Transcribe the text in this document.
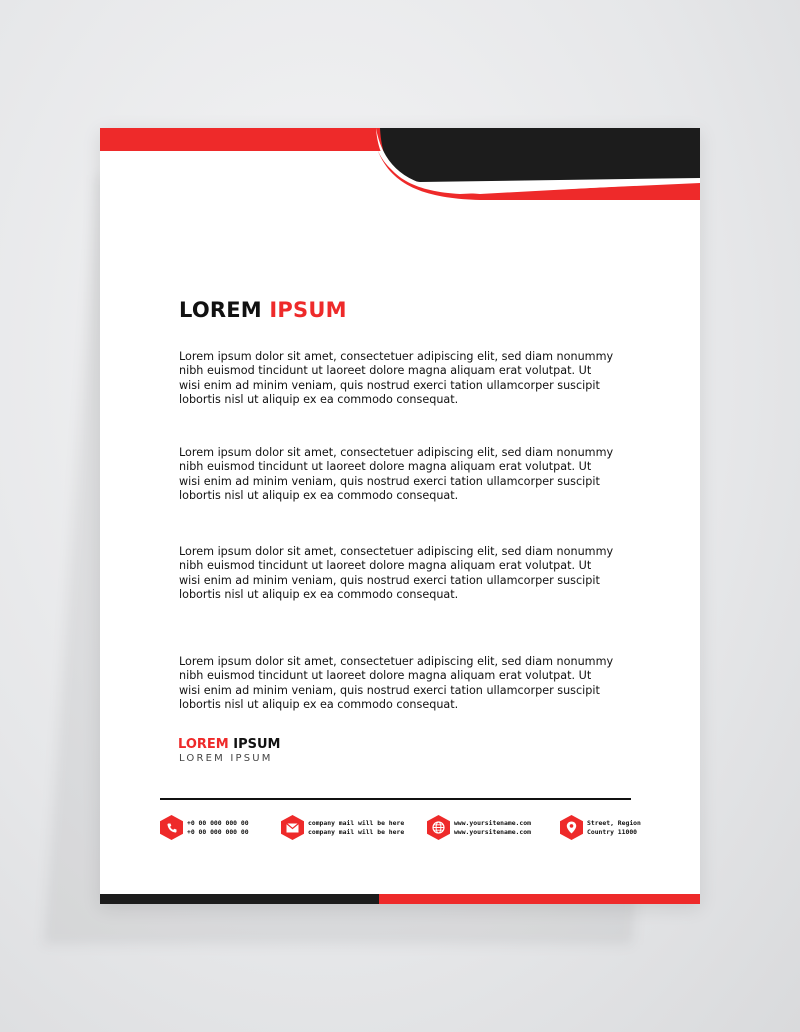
LOREM IPSUM

Lorem ipsum dolor sit amet, consectetuer adipiscing elit, sed diam nonummy
nibh euismod tincidunt ut laoreet dolore magna aliquam erat volutpat. Ut
wisi enim ad minim veniam, quis nostrud exerci tation ullamcorper suscipit
lobortis nisl ut aliquip ex ea commodo consequat.

Lorem ipsum dolor sit amet, consectetuer adipiscing elit, sed diam nonummy
nibh euismod tincidunt ut laoreet dolore magna aliquam erat volutpat. Ut
wisi enim ad minim veniam, quis nostrud exerci tation ullamcorper suscipit
lobortis nisl ut aliquip ex ea commodo consequat.

Lorem ipsum dolor sit amet, consectetuer adipiscing elit, sed diam nonummy
nibh euismod tincidunt ut laoreet dolore magna aliquam erat volutpat. Ut
wisi enim ad minim veniam, quis nostrud exerci tation ullamcorper suscipit
lobortis nisl ut aliquip ex ea commodo consequat.

Lorem ipsum dolor sit amet, consectetuer adipiscing elit, sed diam nonummy
nibh euismod tincidunt ut laoreet dolore magna aliquam erat volutpat. Ut
wisi enim ad minim veniam, quis nostrud exerci tation ullamcorper suscipit
lobortis nisl ut aliquip ex ea commodo consequat.

LOREM IPSUM
LOREM IPSUM
+0 00 000 000 00
+0 00 000 000 00
company mail will be here
company mail will be here
www.yoursitename.com
www.yoursitename.com
Street, Region
Country 11000
